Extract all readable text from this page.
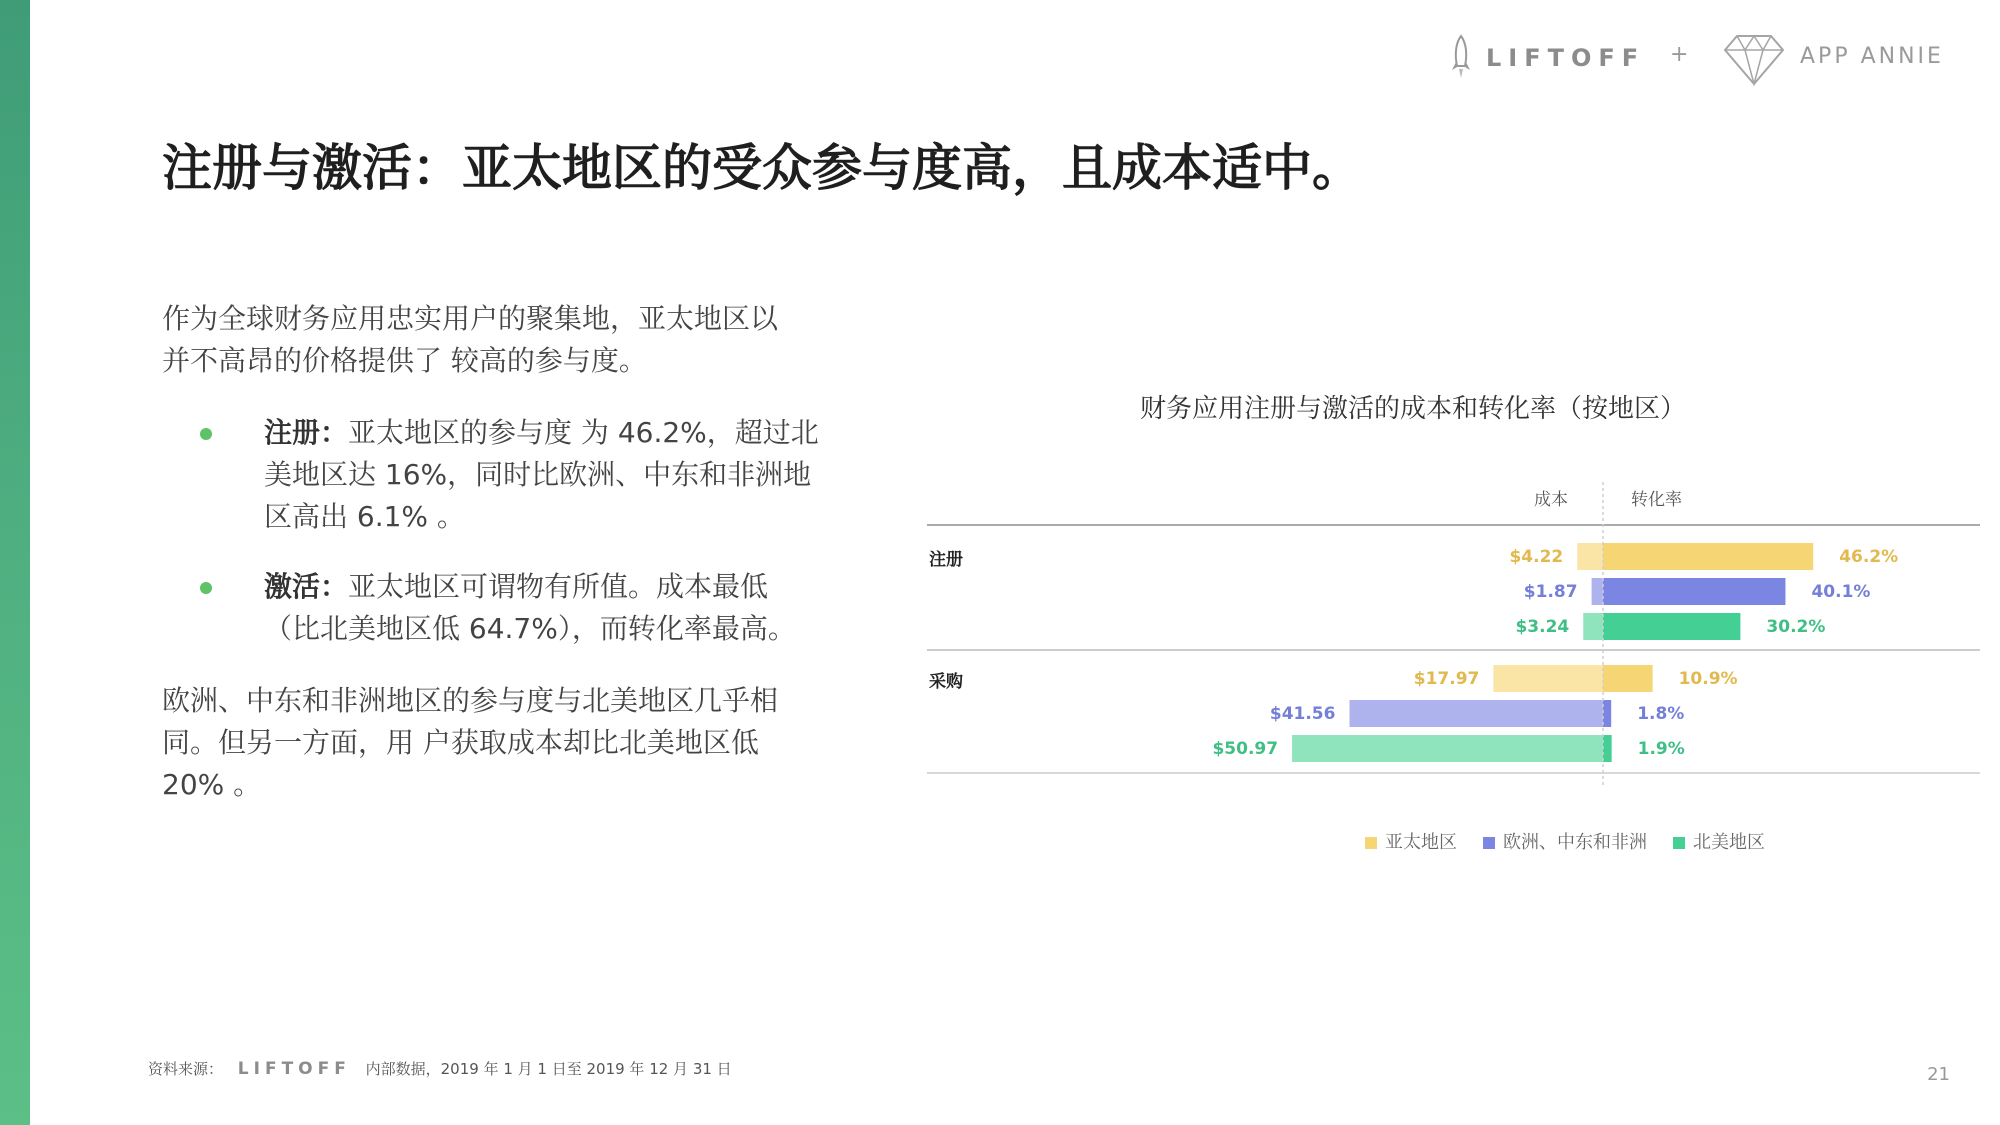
LIFTOFF +	APP ANNIE
注册与激活：亚太地区的受众参与度高，且成本适中。

作为全球财务应用忠实用户的聚集地，亚太地区以并不高昂的价格提供了 较高的参与度。

注册：亚太地区的参与度 为 46.2%，超过北美地区达 16%，同时比欧洲、中东和非洲地区高出 6.1% 。

激活：亚太地区可谓物有所值。成本最低（比北美地区低 64.7%），而转化率最高。

欧洲、中东和非洲地区的参与度与北美地区几乎相同。但另一方面，用 户获取成本却比北美地区低 20% 。

财务应用注册与激活的成本和转化率（按地区）

成本	转化率
注册
采购
$4.22	46.2%
$1.87	40.1%
$3.24	30.2%
$17.97	10.9%
$41.56	1.8%
$50.97	1.9%
亚太地区	欧洲、中东和非洲	北美地区
资料来源： LIFTOFF 内部数据，2019 年 1 月 1 日至 2019 年 12 月 31 日	21
